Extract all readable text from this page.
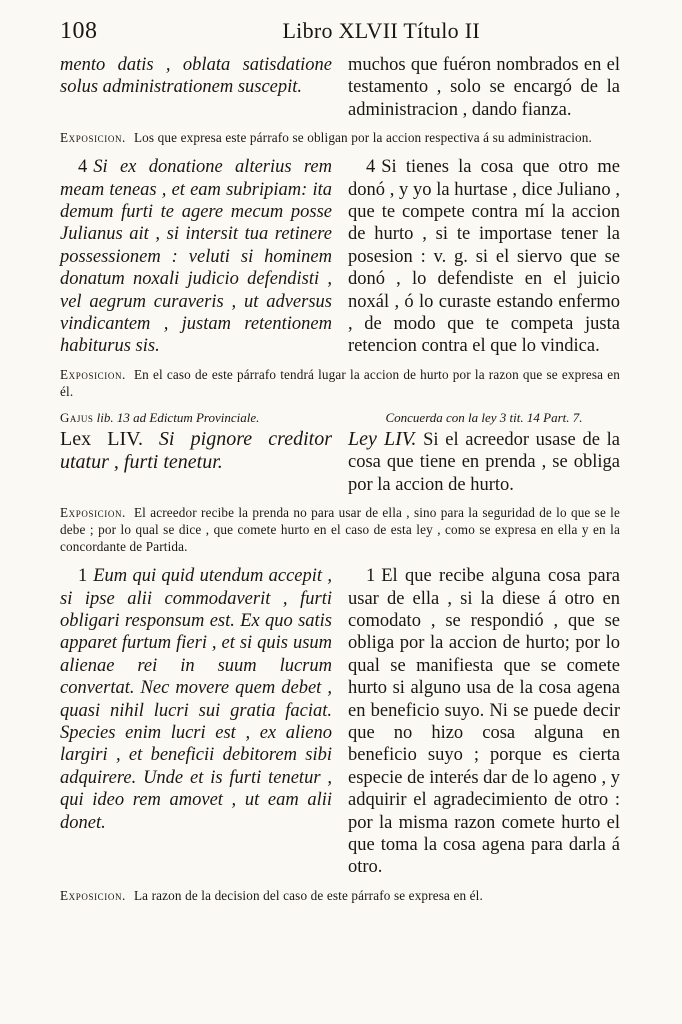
108	Libro XLVII Título II
mento datis , oblata satisdatione solus administrationem suscepit.
muchos que fuéron nombrados en el testamento , solo se encargó de la administracion , dando fianza.
Exposicion. Los que expresa este párrafo se obligan por la accion respectiva á su administracion.
4 Si ex donatione alterius rem meam teneas , et eam subripiam: ita demum furti te agere mecum posse Julianus ait , si intersit tua retinere possessionem : veluti si hominem donatum noxali judicio defendisti , vel aegrum curaveris , ut adversus vindicantem , justam retentionem habiturus sis.
4 Si tienes la cosa que otro me donó , y yo la hurtase , dice Juliano , que te compete contra mí la accion de hurto , si te importase tener la posesion : v. g. si el siervo que se donó , lo defendiste en el juicio noxál , ó lo curaste estando enfermo , de modo que te competa justa retencion contra el que lo vindica.
Exposicion. En el caso de este párrafo tendrá lugar la accion de hurto por la razon que se expresa en él.
Gajus lib. 13 ad Edictum Provinciale.	Concuerda con la ley 3 tit. 14 Part. 7.
Lex LIV. Si pignore creditor utatur , furti tenetur.
Ley LIV. Si el acreedor usase de la cosa que tiene en prenda , se obliga por la accion de hurto.
Exposicion. El acreedor recibe la prenda no para usar de ella , sino para la seguridad de lo que se le debe ; por lo qual se dice , que comete hurto en el caso de esta ley , como se expresa en ella y en la concordante de Partida.
1 Eum qui quid utendum accepit , si ipse alii commodaverit , furti obligari responsum est. Ex quo satis apparet furtum fieri , et si quis usum alienae rei in suum lucrum convertat. Nec movere quem debet , quasi nihil lucri sui gratia faciat. Species enim lucri est , ex alieno largiri , et beneficii debitorem sibi adquirere. Unde et is furti tenetur , qui ideo rem amovet , ut eam alii donet.
1 El que recibe alguna cosa para usar de ella , si la diese á otro en comodato , se respondió , que se obliga por la accion de hurto; por lo qual se manifiesta que se comete hurto si alguno usa de la cosa agena en beneficio suyo. Ni se puede decir que no hizo cosa alguna en beneficio suyo ; porque es cierta especie de interés dar de lo ageno , y adquirir el agradecimiento de otro : por la misma razon comete hurto el que toma la cosa agena para darla á otro.
Exposicion. La razon de la decision del caso de este párrafo se expresa en él.
